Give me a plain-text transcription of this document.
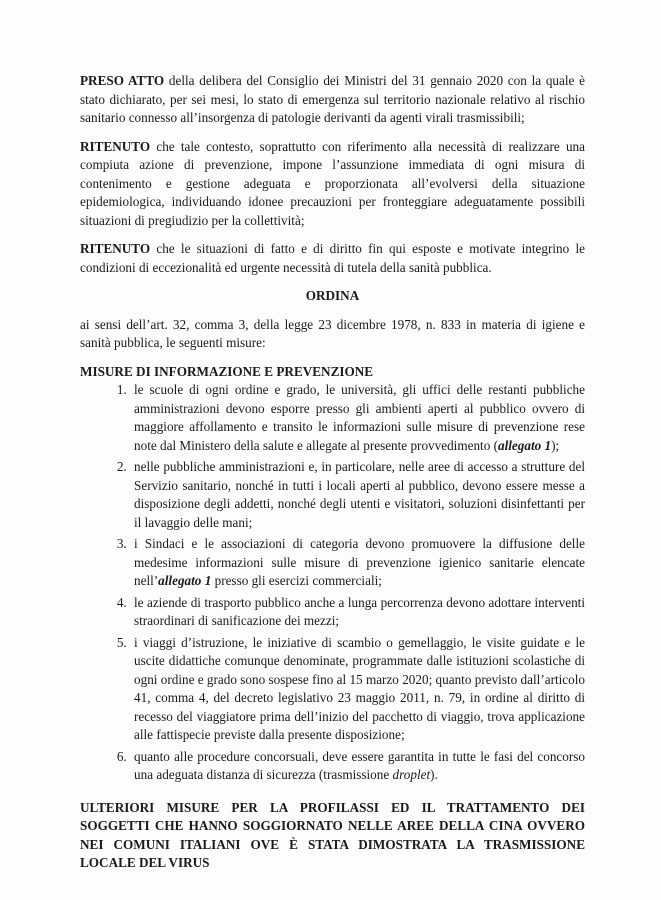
PRESO ATTO della delibera del Consiglio dei Ministri del 31 gennaio 2020 con la quale è stato dichiarato, per sei mesi, lo stato di emergenza sul territorio nazionale relativo al rischio sanitario connesso all’insorgenza di patologie derivanti da agenti virali trasmissibili;

RITENUTO che tale contesto, soprattutto con riferimento alla necessità di realizzare una compiuta azione di prevenzione, impone l’assunzione immediata di ogni misura di contenimento e gestione adeguata e proporzionata all’evolversi della situazione epidemiologica, individuando idonee precauzioni per fronteggiare adeguatamente possibili situazioni di pregiudizio per la collettività;

RITENUTO che le situazioni di fatto e di diritto fin qui esposte e motivate integrino le condizioni di eccezionalità ed urgente necessità di tutela della sanità pubblica.

ORDINA

ai sensi dell’art. 32, comma 3, della legge 23 dicembre 1978, n. 833 in materia di igiene e sanità pubblica, le seguenti misure:

MISURE DI INFORMAZIONE E PREVENZIONE

1. le scuole di ogni ordine e grado, le università, gli uffici delle restanti pubbliche amministrazioni devono esporre presso gli ambienti aperti al pubblico ovvero di maggiore affollamento e transito le informazioni sulle misure di prevenzione rese note dal Ministero della salute e allegate al presente provvedimento (allegato 1);
2. nelle pubbliche amministrazioni e, in particolare, nelle aree di accesso a strutture del Servizio sanitario, nonché in tutti i locali aperti al pubblico, devono essere messe a disposizione degli addetti, nonché degli utenti e visitatori, soluzioni disinfettanti per il lavaggio delle mani;
3. i Sindaci e le associazioni di categoria devono promuovere la diffusione delle medesime informazioni sulle misure di prevenzione igienico sanitarie elencate nell’allegato 1 presso gli esercizi commerciali;
4. le aziende di trasporto pubblico anche a lunga percorrenza devono adottare interventi straordinari di sanificazione dei mezzi;
5. i viaggi d’istruzione, le iniziative di scambio o gemellaggio, le visite guidate e le uscite didattiche comunque denominate, programmate dalle istituzioni scolastiche di ogni ordine e grado sono sospese fino al 15 marzo 2020; quanto previsto dall’articolo 41, comma 4, del decreto legislativo 23 maggio 2011, n. 79, in ordine al diritto di recesso del viaggiatore prima dell’inizio del pacchetto di viaggio, trova applicazione alle fattispecie previste dalla presente disposizione;
6. quanto alle procedure concorsuali, deve essere garantita in tutte le fasi del concorso una adeguata distanza di sicurezza (trasmissione droplet).

ULTERIORI MISURE PER LA PROFILASSI ED IL TRATTAMENTO DEI SOGGETTI CHE HANNO SOGGIORNATO NELLE AREE DELLA CINA OVVERO NEI COMUNI ITALIANI OVE È STATA DIMOSTRATA LA TRASMISSIONE LOCALE DEL VIRUS
